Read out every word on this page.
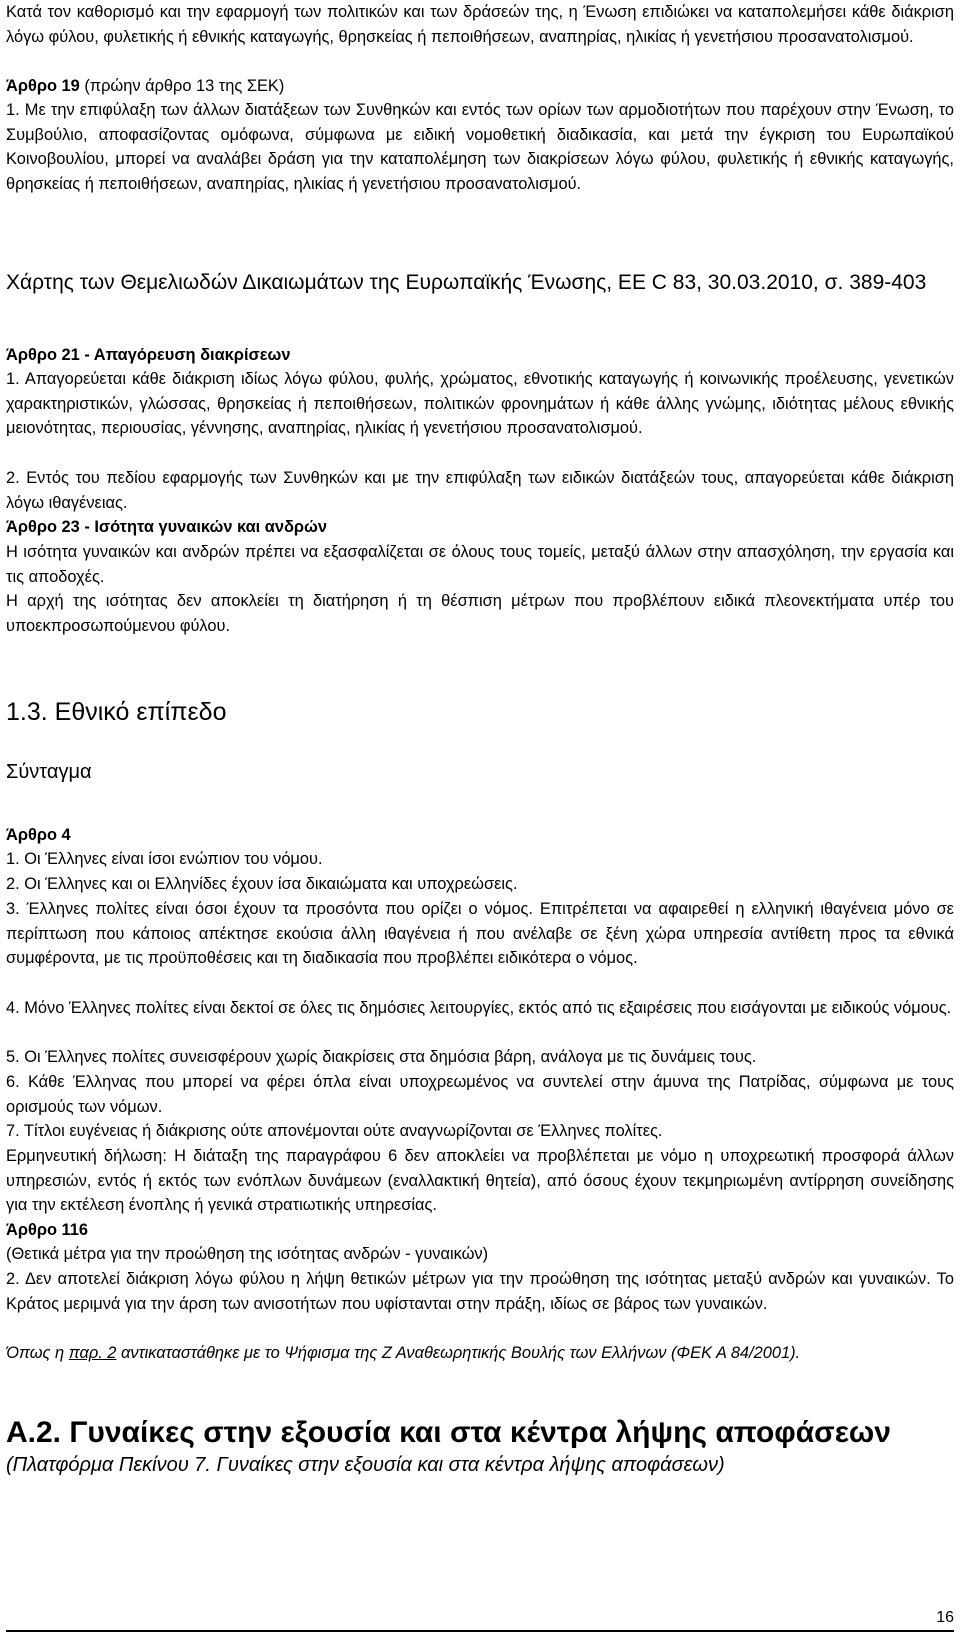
Κατά τον καθορισμό και την εφαρμογή των πολιτικών και των δράσεών της, η Ένωση επιδιώκει να καταπολεμήσει κάθε διάκριση λόγω φύλου, φυλετικής ή εθνικής καταγωγής, θρησκείας ή πεποιθήσεων, αναπηρίας, ηλικίας ή γενετήσιου προσανατολισμού.

Άρθρο 19 (πρώην άρθρο 13 της ΣΕΚ)

1. Με την επιφύλαξη των άλλων διατάξεων των Συνθηκών και εντός των ορίων των αρμοδιοτήτων που παρέχουν στην Ένωση, το Συμβούλιο, αποφασίζοντας ομόφωνα, σύμφωνα με ειδική νομοθετική διαδικασία, και μετά την έγκριση του Ευρωπαϊκού Κοινοβουλίου, μπορεί να αναλάβει δράση για την καταπολέμηση των διακρίσεων λόγω φύλου, φυλετικής ή εθνικής καταγωγής, θρησκείας ή πεποιθήσεων, αναπηρίας, ηλικίας ή γενετήσιου προσανατολισμού.

Χάρτης των Θεμελιωδών Δικαιωμάτων της Ευρωπαϊκής Ένωσης, ΕΕ C 83, 30.03.2010, σ. 389-403

Άρθρο 21 - Απαγόρευση διακρίσεων

1. Απαγορεύεται κάθε διάκριση ιδίως λόγω φύλου, φυλής, χρώματος, εθνοτικής καταγωγής ή κοινωνικής προέλευσης, γενετικών χαρακτηριστικών, γλώσσας, θρησκείας ή πεποιθήσεων, πολιτικών φρονημάτων ή κάθε άλλης γνώμης, ιδιότητας μέλους εθνικής μειονότητας, περιουσίας, γέννησης, αναπηρίας, ηλικίας ή γενετήσιου προσανατολισμού.

2. Εντός του πεδίου εφαρμογής των Συνθηκών και με την επιφύλαξη των ειδικών διατάξεών τους, απαγορεύεται κάθε διάκριση λόγω ιθαγένειας.

Άρθρο 23 - Ισότητα γυναικών και ανδρών

Η ισότητα γυναικών και ανδρών πρέπει να εξασφαλίζεται σε όλους τους τομείς, μεταξύ άλλων στην απασχόληση, την εργασία και τις αποδοχές.

Η αρχή της ισότητας δεν αποκλείει τη διατήρηση ή τη θέσπιση μέτρων που προβλέπουν ειδικά πλεονεκτήματα υπέρ του υποεκπροσωπούμενου φύλου.

1.3. Εθνικό επίπεδο

Σύνταγμα

Άρθρο 4

1. Οι Έλληνες είναι ίσοι ενώπιον του νόμου.

2. Οι Έλληνες και οι Ελληνίδες έχουν ίσα δικαιώματα και υποχρεώσεις.

3. Έλληνες πολίτες είναι όσοι έχουν τα προσόντα που ορίζει ο νόμος. Επιτρέπεται να αφαιρεθεί η ελληνική ιθαγένεια μόνο σε περίπτωση που κάποιος απέκτησε εκούσια άλλη ιθαγένεια ή που ανέλαβε σε ξένη χώρα υπηρεσία αντίθετη προς τα εθνικά συμφέροντα, με τις προϋποθέσεις και τη διαδικασία που προβλέπει ειδικότερα ο νόμος.

4. Μόνο Έλληνες πολίτες είναι δεκτοί σε όλες τις δημόσιες λειτουργίες, εκτός από τις εξαιρέσεις που εισάγονται με ειδικούς νόμους.

5. Οι Έλληνες πολίτες συνεισφέρουν χωρίς διακρίσεις στα δημόσια βάρη, ανάλογα με τις δυνάμεις τους.

6. Κάθε Έλληνας που μπορεί να φέρει όπλα είναι υποχρεωμένος να συντελεί στην άμυνα της Πατρίδας, σύμφωνα με τους ορισμούς των νόμων.

7. Τίτλοι ευγένειας ή διάκρισης ούτε απονέμονται ούτε αναγνωρίζονται σε Έλληνες πολίτες.

Ερμηνευτική δήλωση: Η διάταξη της παραγράφου 6 δεν αποκλείει να προβλέπεται με νόμο η υποχρεωτική προσφορά άλλων υπηρεσιών, εντός ή εκτός των ενόπλων δυνάμεων (εναλλακτική θητεία), από όσους έχουν τεκμηριωμένη αντίρρηση συνείδησης για την εκτέλεση ένοπλης ή γενικά στρατιωτικής υπηρεσίας.

Άρθρο 116

(Θετικά μέτρα για την προώθηση της ισότητας ανδρών - γυναικών)

2. Δεν αποτελεί διάκριση λόγω φύλου η λήψη θετικών μέτρων για την προώθηση της ισότητας μεταξύ ανδρών και γυναικών. Το Κράτος μεριμνά για την άρση των ανισοτήτων που υφίστανται στην πράξη, ιδίως σε βάρος των γυναικών.

Όπως η παρ. 2 αντικαταστάθηκε με το Ψήφισμα της Ζ Αναθεωρητικής Βουλής των Ελλήνων (ΦΕΚ Α 84/2001).

Α.2. Γυναίκες στην εξουσία και στα κέντρα λήψης αποφάσεων

(Πλατφόρμα Πεκίνου 7. Γυναίκες στην εξουσία και στα κέντρα λήψης αποφάσεων)

16
